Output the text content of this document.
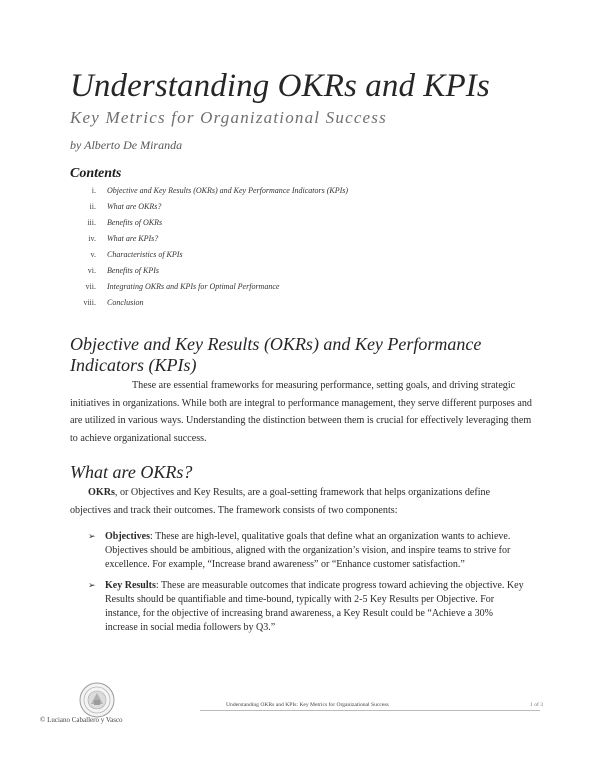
Understanding OKRs and KPIs

Key Metrics for Organizational Success

by Alberto De Miranda

Contents
i. Objective and Key Results (OKRs) and Key Performance Indicators (KPIs)
ii. What are OKRs?
iii. Benefits of OKRs
iv. What are KPIs?
v. Characteristics of KPIs
vi. Benefits of KPIs
vii. Integrating OKRs and KPIs for Optimal Performance
viii. Conclusion
Objective and Key Results (OKRs) and Key Performance Indicators (KPIs)

These are essential frameworks for measuring performance, setting goals, and driving strategic initiatives in organizations. While both are integral to performance management, they serve different purposes and are utilized in various ways. Understanding the distinction between them is crucial for effectively leveraging them to achieve organizational success.

What are OKRs?

OKRs, or Objectives and Key Results, are a goal-setting framework that helps organizations define objectives and track their outcomes. The framework consists of two components:

➢ Objectives: These are high-level, qualitative goals that define what an organization wants to achieve. Objectives should be ambitious, aligned with the organization’s vision, and inspire teams to strive for excellence. For example, “Increase brand awareness” or “Enhance customer satisfaction.”
➢ Key Results: These are measurable outcomes that indicate progress toward achieving the objective. Key Results should be quantifiable and time-bound, typically with 2-5 Key Results per Objective. For instance, for the objective of increasing brand awareness, a Key Result could be “Achieve a 30% increase in social media followers by Q3.”
Understanding OKRs and KPIs: Key Metrics for Organizational Success	1 of 3
© Luciano Caballero y Vasco
